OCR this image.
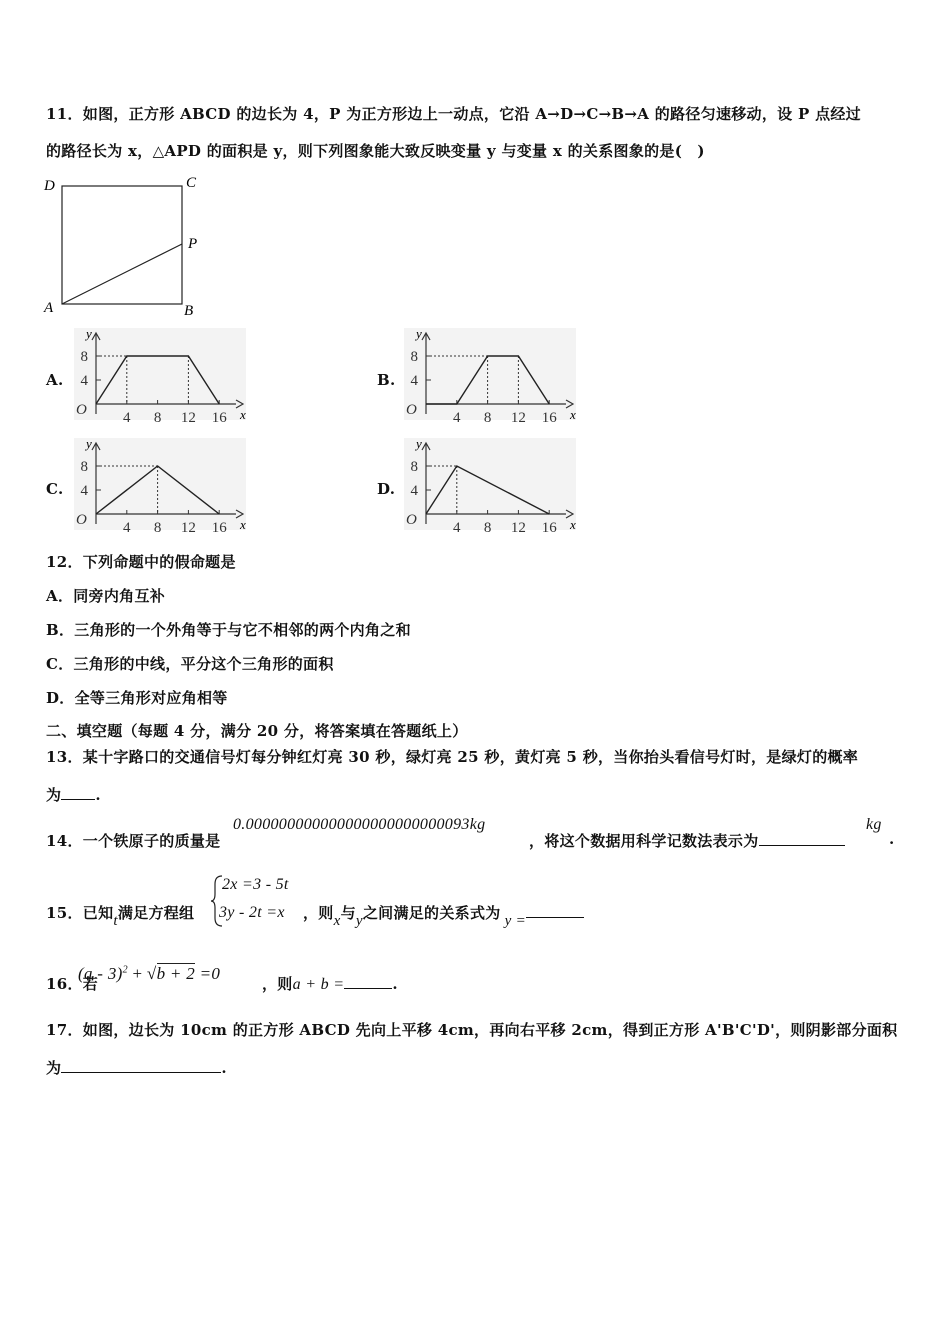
11．如图，正方形 ABCD 的边长为 4，P 为正方形边上一动点，它沿 A→D→C→B→A 的路径匀速移动，设 P 点经过
的路径长为 x，△APD 的面积是 y，则下列图象能大致反映变量 y 与变量 x 的关系图象的是(　)
D	C
P
A	B
A.	B.
C.	D.
y
x
O 4 8 12 16
4
8
y
x
O 4 8 12 16
4
8
y
x
O 4 8 12 16
4
8
y
x
O 4 8 12 16
4
8
12．下列命题中的假命题是
A．同旁内角互补
B．三角形的一个外角等于与它不相邻的两个内角之和
C．三角形的中线，平分这个三角形的面积
D．全等三角形对应角相等
二、填空题（每题 4 分，满分 20 分，将答案填在答题纸上）
13．某十字路口的交通信号灯每分钟红灯亮 30 秒，绿灯亮 25 秒，黄灯亮 5 秒，当你抬头看信号灯时，是绿灯的概率
为 .
14．一个铁原子的质量是
0.000000000000000000000000093kg
，将这个数据用科学记数法表示为
kg
.
15．已知t满足方程组
2x =3 - 5t
3y - 2t =x ，则x与y之间满足的关系式为 y =
16．若
(a - 3)$^2$ + √b + 2 =0
，则a + b =	.
17．如图，边长为 10cm 的正方形 ABCD 先向上平移 4cm，再向右平移 2cm，得到正方形 A'B'C'D'，则阴影部分面积
为	.
